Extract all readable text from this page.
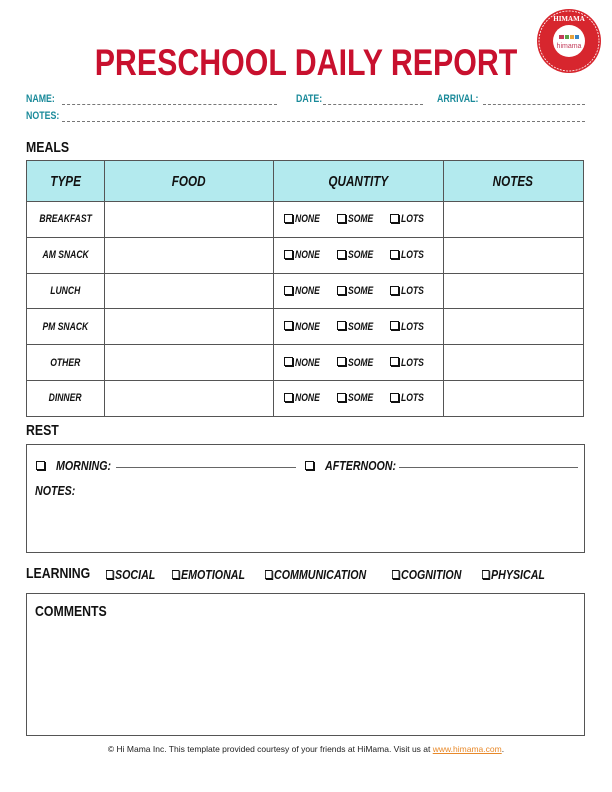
himama
HIMAMA
PRESCHOOL DAILY REPORT
NAME:	DATE:	ARRIVAL:
NOTES:
MEALS
TYPE	FOOD	QUANTITY	NOTES
BREAKFAST		NONE SOME LOTS	

AM SNACK		NONE SOME LOTS	

LUNCH		NONE SOME LOTS	

PM SNACK		NONE SOME LOTS	

OTHER		NONE SOME LOTS	

DINNER		NONE SOME LOTS	

REST
MORNING:	AFTERNOON:
NOTES:
LEARNING	SOCIAL	EMOTIONAL	COMMUNICATION	COGNITION	PHYSICAL
COMMENTS
© Hi Mama Inc. This template provided courtesy of your friends at HiMama. Visit us at www.himama.com.
